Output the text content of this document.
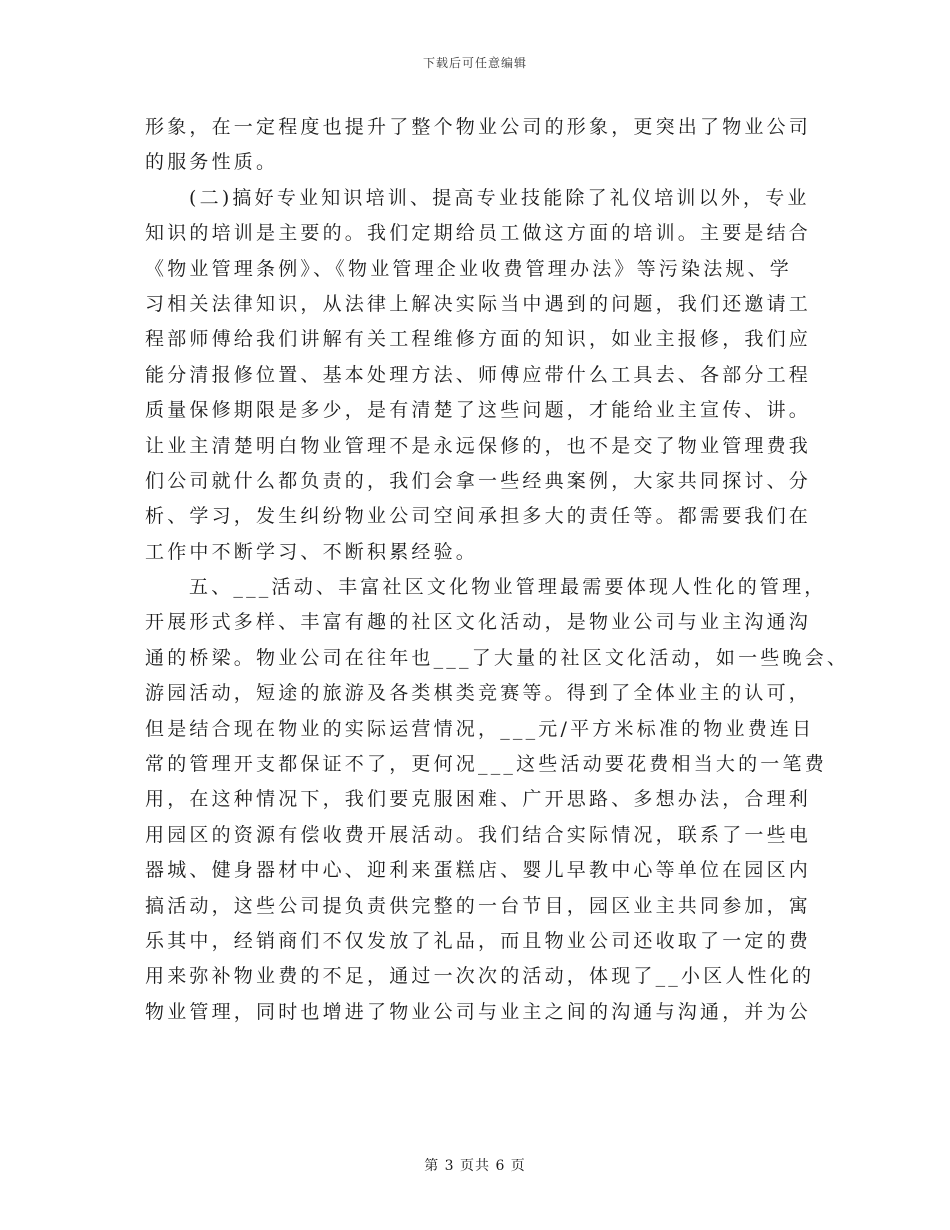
下载后可任意编辑
形象，在一定程度也提升了整个物业公司的形象，更突出了物业公司
的服务性质。
(二)搞好专业知识培训、提高专业技能除了礼仪培训以外，专业
知识的培训是主要的。我们定期给员工做这方面的培训。主要是结合
《物业管理条例》、《物业管理企业收费管理办法》等污染法规、学
习相关法律知识，从法律上解决实际当中遇到的问题，我们还邀请工
程部师傅给我们讲解有关工程维修方面的知识，如业主报修，我们应
能分清报修位置、基本处理方法、师傅应带什么工具去、各部分工程
质量保修期限是多少，是有清楚了这些问题，才能给业主宣传、讲。
让业主清楚明白物业管理不是永远保修的，也不是交了物业管理费我
们公司就什么都负责的，我们会拿一些经典案例，大家共同探讨、分
析、学习，发生纠纷物业公司空间承担多大的责任等。都需要我们在
工作中不断学习、不断积累经验。
五、___活动、丰富社区文化物业管理最需要体现人性化的管理，
开展形式多样、丰富有趣的社区文化活动，是物业公司与业主沟通沟
通的桥梁。物业公司在往年也___了大量的社区文化活动，如一些晚会、
游园活动，短途的旅游及各类棋类竞赛等。得到了全体业主的认可，
但是结合现在物业的实际运营情况，___元/平方米标准的物业费连日
常的管理开支都保证不了，更何况___这些活动要花费相当大的一笔费
用，在这种情况下，我们要克服困难、广开思路、多想办法，合理利
用园区的资源有偿收费开展活动。我们结合实际情况，联系了一些电
器城、健身器材中心、迎利来蛋糕店、婴儿早教中心等单位在园区内
搞活动，这些公司提负责供完整的一台节目，园区业主共同参加，寓
乐其中，经销商们不仅发放了礼品，而且物业公司还收取了一定的费
用来弥补物业费的不足，通过一次次的活动，体现了__小区人性化的
物业管理，同时也增进了物业公司与业主之间的沟通与沟通，并为公
第 3 页共 6 页
